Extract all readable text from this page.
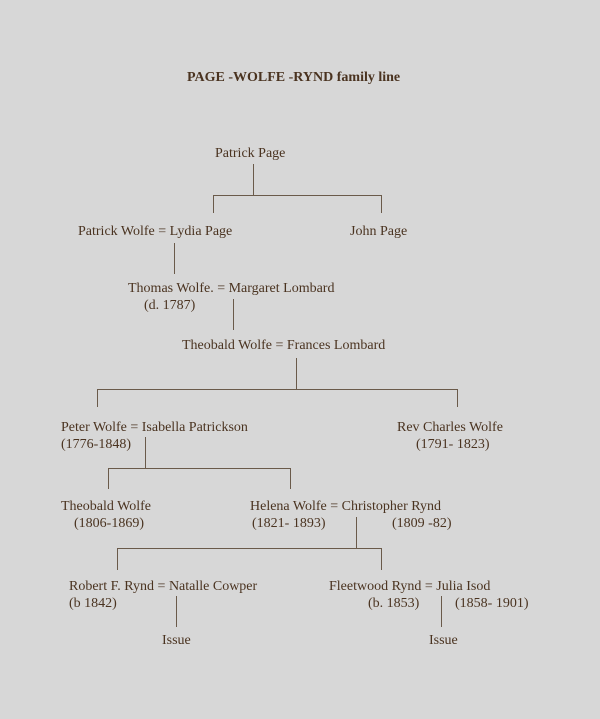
PAGE -WOLFE -RYND family line
Patrick Page
Patrick Wolfe = Lydia Page	John Page
Thomas Wolfe. = Margaret Lombard
(d. 1787)
Theobald Wolfe = Frances Lombard
Peter Wolfe = Isabella Patrickson
(1776-1848)
Rev Charles Wolfe
(1791- 1823)
Theobald Wolfe
(1806-1869)
Helena Wolfe = Christopher Rynd
(1821- 1893)	(1809 -82)
Robert F. Rynd = Natalle Cowper
(b 1842)
Fleetwood Rynd = Julia Isod
(b. 1853)	(1858- 1901)
Issue	Issue
